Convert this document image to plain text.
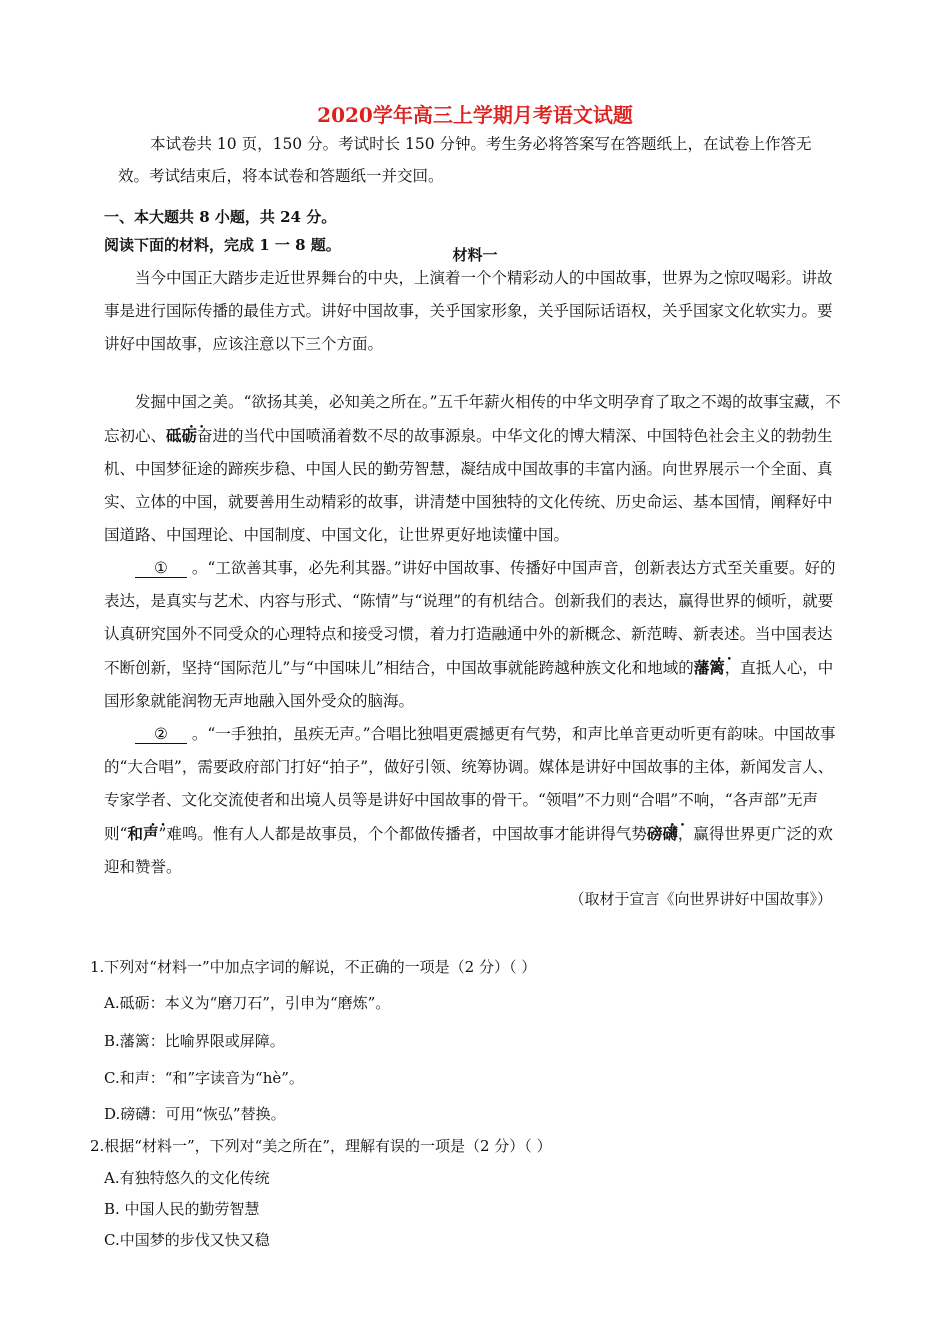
2020学年高三上学期月考语文试题
本试卷共 10 页，150 分。考试时长 150 分钟。考生务必将答案写在答题纸上，在试卷上作答无
效。考试结束后，将本试卷和答题纸一并交回。
一、本大题共 8 小题，共 24 分。
阅读下面的材料，完成 1 一 8 题。
材料一

当今中国正大踏步走近世界舞台的中央，上演着一个个精彩动人的中国故事，世界为之惊叹喝彩。讲故事是进行国际传播的最佳方式。讲好中国故事，关乎国家形象，关乎国际话语权，关乎国家文化软实力。要讲好中国故事，应该注意以下三个方面。

发掘中国之美。“欲扬其美，必知美之所在。”五千年薪火相传的中华文明孕育了取之不竭的故事宝藏，不忘初心、• • 砥砺奋进的当代中国喷涌着数不尽的故事源泉。中华文化的博大精深、中国特色社会主义的勃勃生机、中国梦征途的蹄疾步稳、中国人民的勤劳智慧，凝结成中国故事的丰富内涵。向世界展示一个全面、真实、立体的中国，就要善用生动精彩的故事，讲清楚中国独特的文化传统、历史命运、基本国情，阐释好中国道路、中国理论、中国制度、中国文化，让世界更好地读懂中国。

① 。“工欲善其事，必先利其器。”讲好中国故事、传播好中国声音，创新表达方式至关重要。好的表达，是真实与艺术、内容与形式、“陈情”与“说理”的有机结合。创新我们的表达，赢得世界的倾听，就要认真研究国外不同受众的心理特点和接受习惯，着力打造融通中外的新概念、新范畴、新表述。当中国表达不断创新，坚持“国际范儿”与“中国味儿”相结合，中国故事就能跨越种族文化和地域的• • 藩篱，直抵人心，中国形象就能润物无声地融入国外受众的脑海。

② 。“一手独拍，虽疾无声。”合唱比独唱更震撼更有气势，和声比单音更动听更有韵味。中国故事的“大合唱”，需要政府部门打好“拍子”，做好引领、统筹协调。媒体是讲好中国故事的主体，新闻发言人、专家学者、文化交流使者和出境人员等是讲好中国故事的骨干。“领唱”不力则“合唱”不响，“各声部”无声则“• • 和声”难鸣。惟有人人都是故事员，个个都做传播者，中国故事才能讲得气势• • 磅礴，赢得世界更广泛的欢迎和赞誉。

（取材于宣言《向世界讲好中国故事》）
1.下列对“材料一”中加点字词的解说，不正确的一项是（2 分）（ ）
A.砥砺：本义为“磨刀石”，引申为“磨炼”。
B.藩篱：比喻界限或屏障。
C.和声：“和”字读音为“hè”。
D.磅礴：可用“恢弘”替换。
2.根据“材料一”，下列对“美之所在”，理解有误的一项是（2 分）（ ）
A.有独特悠久的文化传统
B. 中国人民的勤劳智慧
C.中国梦的步伐又快又稳
